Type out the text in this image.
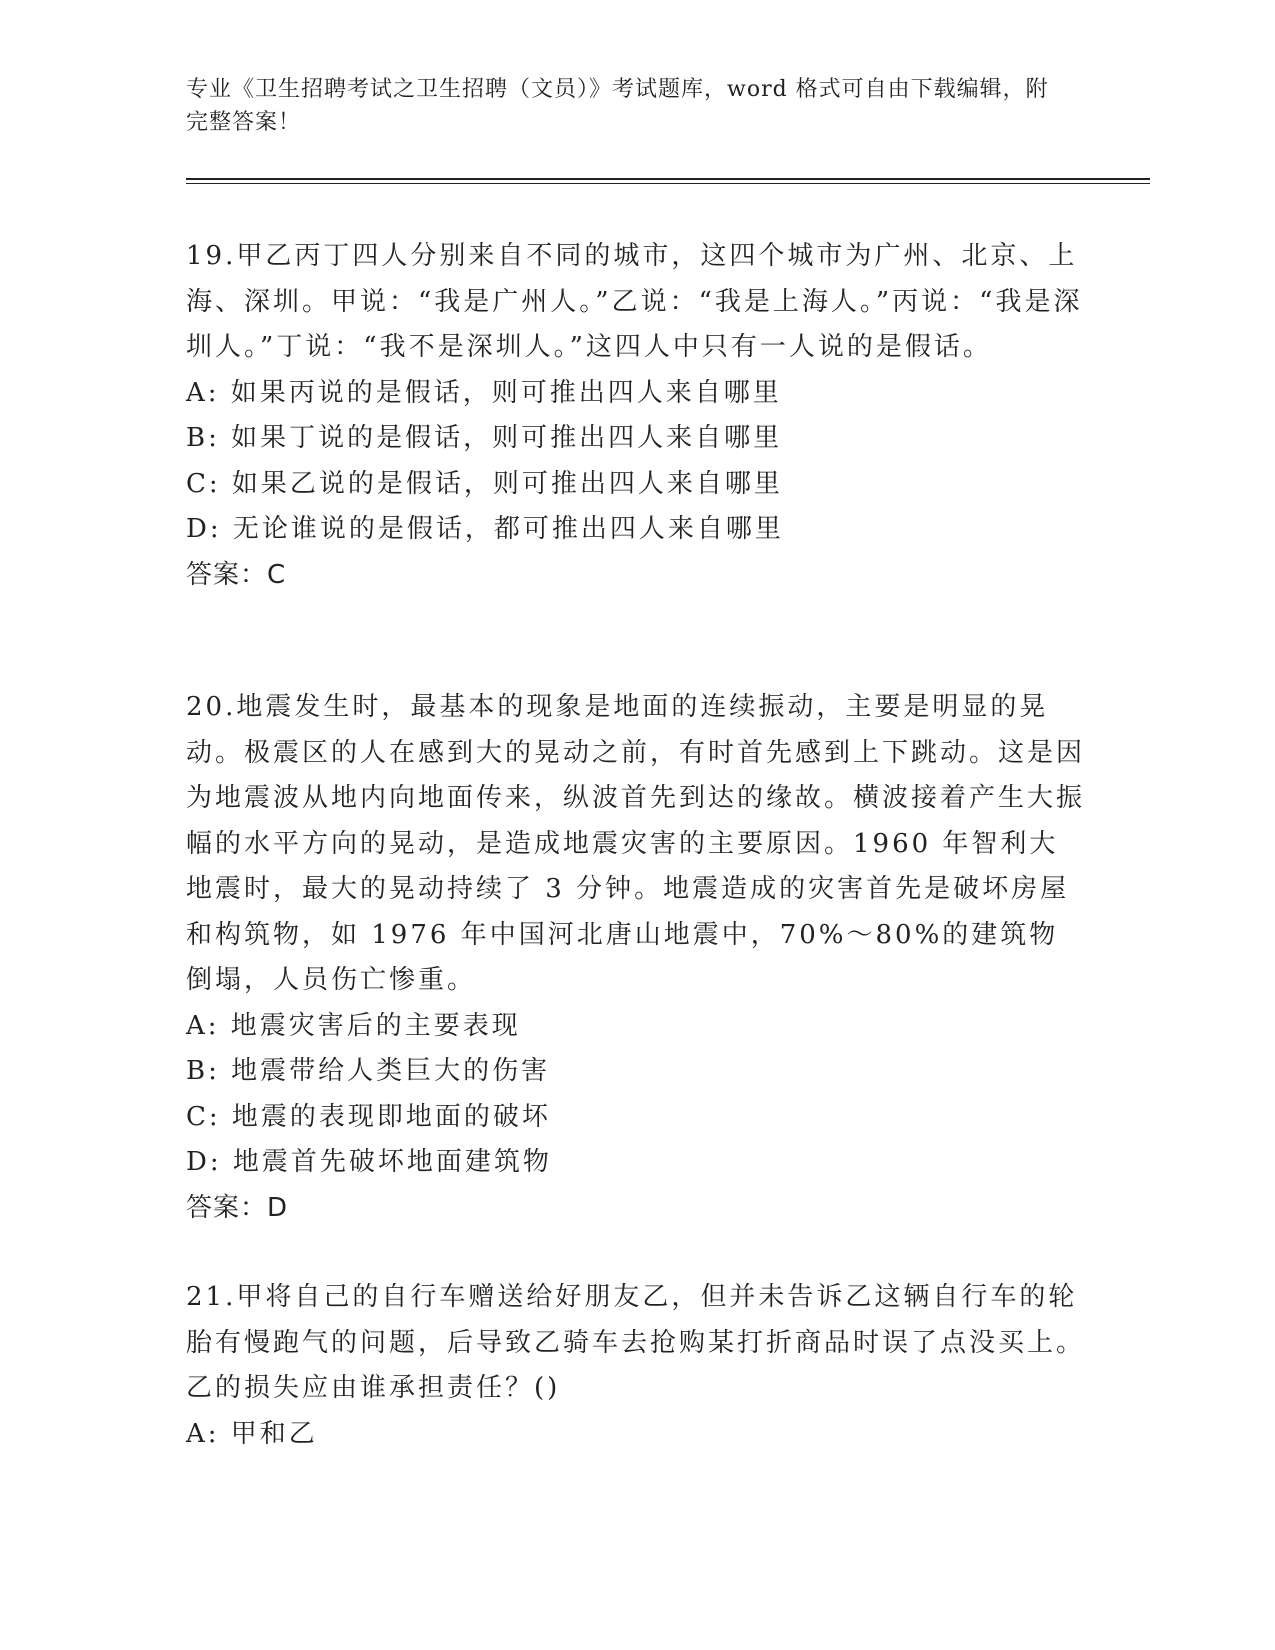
专业《卫生招聘考试之卫生招聘（文员）》考试题库，word 格式可自由下载编辑，附完整答案！

19.甲乙丙丁四人分别来自不同的城市，这四个城市为广州、北京、上海、深圳。甲说：“我是广州人。”乙说：“我是上海人。”丙说：“我是深圳人。”丁说：“我不是深圳人。”这四人中只有一人说的是假话。

A: 如果丙说的是假话，则可推出四人来自哪里

B: 如果丁说的是假话，则可推出四人来自哪里

C: 如果乙说的是假话，则可推出四人来自哪里

D: 无论谁说的是假话，都可推出四人来自哪里

答案：C

20.地震发生时，最基本的现象是地面的连续振动，主要是明显的晃动。极震区的人在感到大的晃动之前，有时首先感到上下跳动。这是因为地震波从地内向地面传来，纵波首先到达的缘故。横波接着产生大振幅的水平方向的晃动，是造成地震灾害的主要原因。1960 年智利大地震时，最大的晃动持续了 3 分钟。地震造成的灾害首先是破坏房屋和构筑物，如 1976 年中国河北唐山地震中，70%～80%的建筑物倒塌，人员伤亡惨重。

A: 地震灾害后的主要表现

B: 地震带给人类巨大的伤害

C: 地震的表现即地面的破坏

D: 地震首先破坏地面建筑物

答案：D

21.甲将自己的自行车赠送给好朋友乙，但并未告诉乙这辆自行车的轮胎有慢跑气的问题，后导致乙骑车去抢购某打折商品时误了点没买上。乙的损失应由谁承担责任？()

A: 甲和乙
